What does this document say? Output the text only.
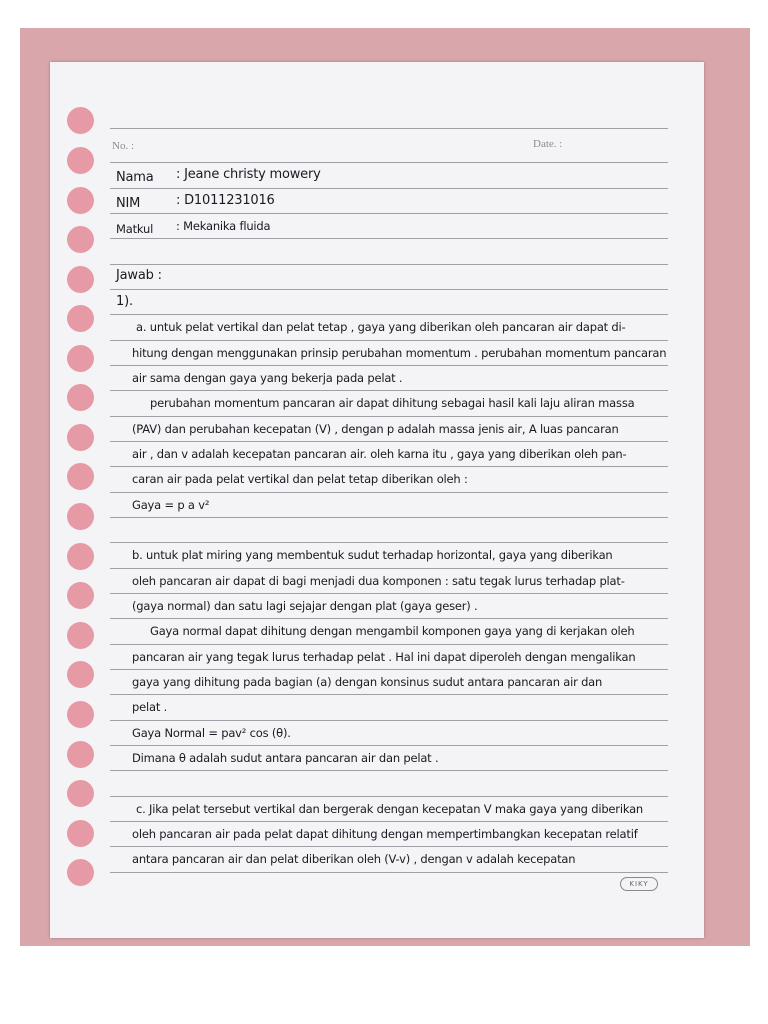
No. :	Date. :
Nama : Jeane christy mowery
NIM	: D1011231016
Matkul : Mekanika fluida
Jawab :
1).
a. untuk pelat vertikal dan pelat tetap , gaya yang diberikan oleh pancaran air dapat di-
hitung dengan menggunakan prinsip perubahan momentum . perubahan momentum pancaran
air sama dengan gaya yang bekerja pada pelat .
perubahan momentum pancaran air dapat dihitung sebagai hasil kali laju aliran massa
(PAV) dan perubahan kecepatan (V) , dengan p adalah massa jenis air, A luas pancaran
air , dan v adalah kecepatan pancaran air. oleh karna itu , gaya yang diberikan oleh pan-
caran air pada pelat vertikal dan pelat tetap diberikan oleh :
Gaya = p a v²
b. untuk plat miring yang membentuk sudut terhadap horizontal, gaya yang diberikan
oleh pancaran air dapat di bagi menjadi dua komponen : satu tegak lurus terhadap plat-
(gaya normal) dan satu lagi sejajar dengan plat (gaya geser) .
Gaya normal dapat dihitung dengan mengambil komponen gaya yang di kerjakan oleh
pancaran air yang tegak lurus terhadap pelat . Hal ini dapat diperoleh dengan mengalikan
gaya yang dihitung pada bagian (a) dengan konsinus sudut antara pancaran air dan
pelat .
Gaya Normal = pav² cos (θ).
Dimana θ adalah sudut antara pancaran air dan pelat .
c. Jika pelat tersebut vertikal dan bergerak dengan kecepatan V maka gaya yang diberikan
oleh pancaran air pada pelat dapat dihitung dengan mempertimbangkan kecepatan relatif
antara pancaran air dan pelat diberikan oleh (V-v) , dengan v adalah kecepatan
KIKY
